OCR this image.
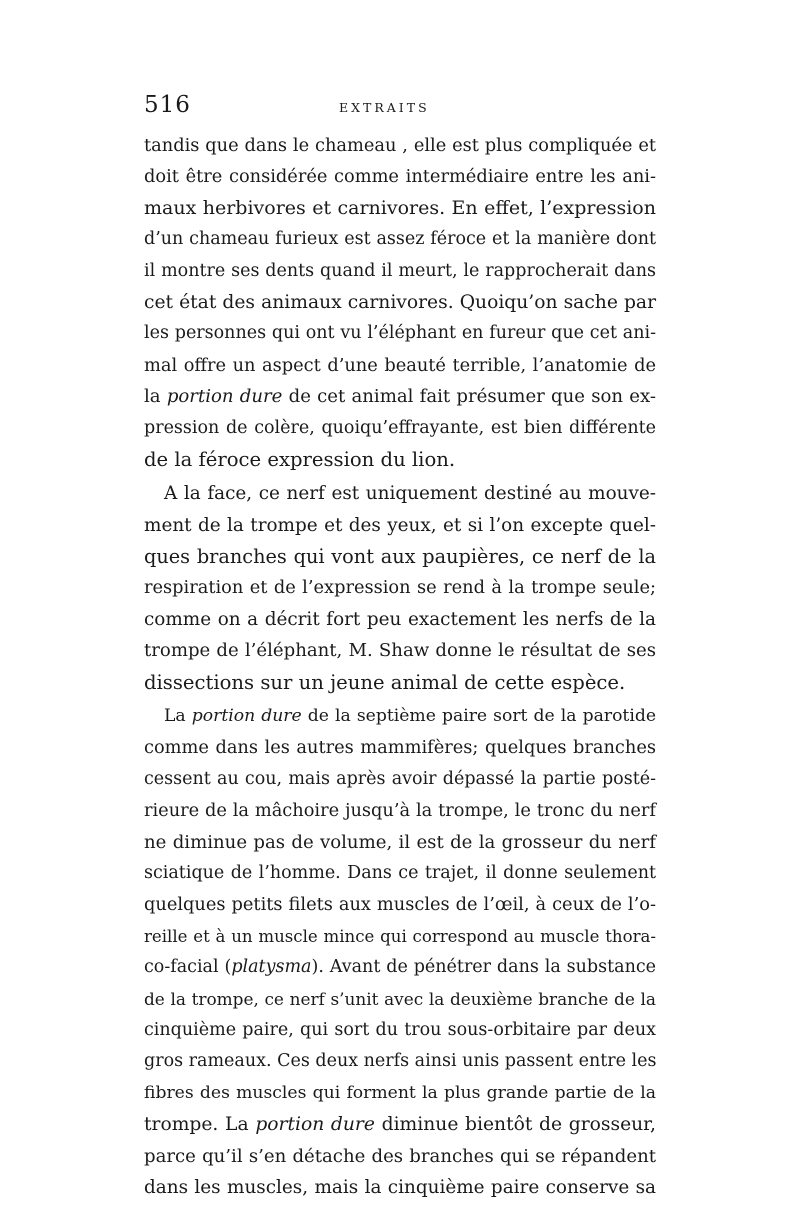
516	EXTRAITS
tandis que dans le chameau , elle est plus compliquée et
doit être considérée comme intermédiaire entre les ani-
maux herbivores et carnivores. En effet, l’expression
d’un chameau furieux est assez féroce et la manière dont
il montre ses dents quand il meurt, le rapprocherait dans
cet état des animaux carnivores. Quoiqu’on sache par
les personnes qui ont vu l’éléphant en fureur que cet ani-
mal offre un aspect d’une beauté terrible, l’anatomie de
la portion dure de cet animal fait présumer que son ex-
pression de colère, quoiqu’effrayante, est bien différente
de la féroce expression du lion.
A la face, ce nerf est uniquement destiné au mouve-
ment de la trompe et des yeux, et si l’on excepte quel-
ques branches qui vont aux paupières, ce nerf de la
respiration et de l’expression se rend à la trompe seule;
comme on a décrit fort peu exactement les nerfs de la
trompe de l’éléphant, M. Shaw donne le résultat de ses
dissections sur un jeune animal de cette espèce.
La portion dure de la septième paire sort de la parotide
comme dans les autres mammifères; quelques branches
cessent au cou, mais après avoir dépassé la partie posté-
rieure de la mâchoire jusqu’à la trompe, le tronc du nerf
ne diminue pas de volume, il est de la grosseur du nerf
sciatique de l’homme. Dans ce trajet, il donne seulement
quelques petits filets aux muscles de l’œil, à ceux de l’o-
reille et à un muscle mince qui correspond au muscle thora-
co-facial (platysma). Avant de pénétrer dans la substance
de la trompe, ce nerf s’unit avec la deuxième branche de la
cinquième paire, qui sort du trou sous-orbitaire par deux
gros rameaux. Ces deux nerfs ainsi unis passent entre les
fibres des muscles qui forment la plus grande partie de la
trompe. La portion dure diminue bientôt de grosseur,
parce qu’il s’en détache des branches qui se répandent
dans les muscles, mais la cinquième paire conserve sa
